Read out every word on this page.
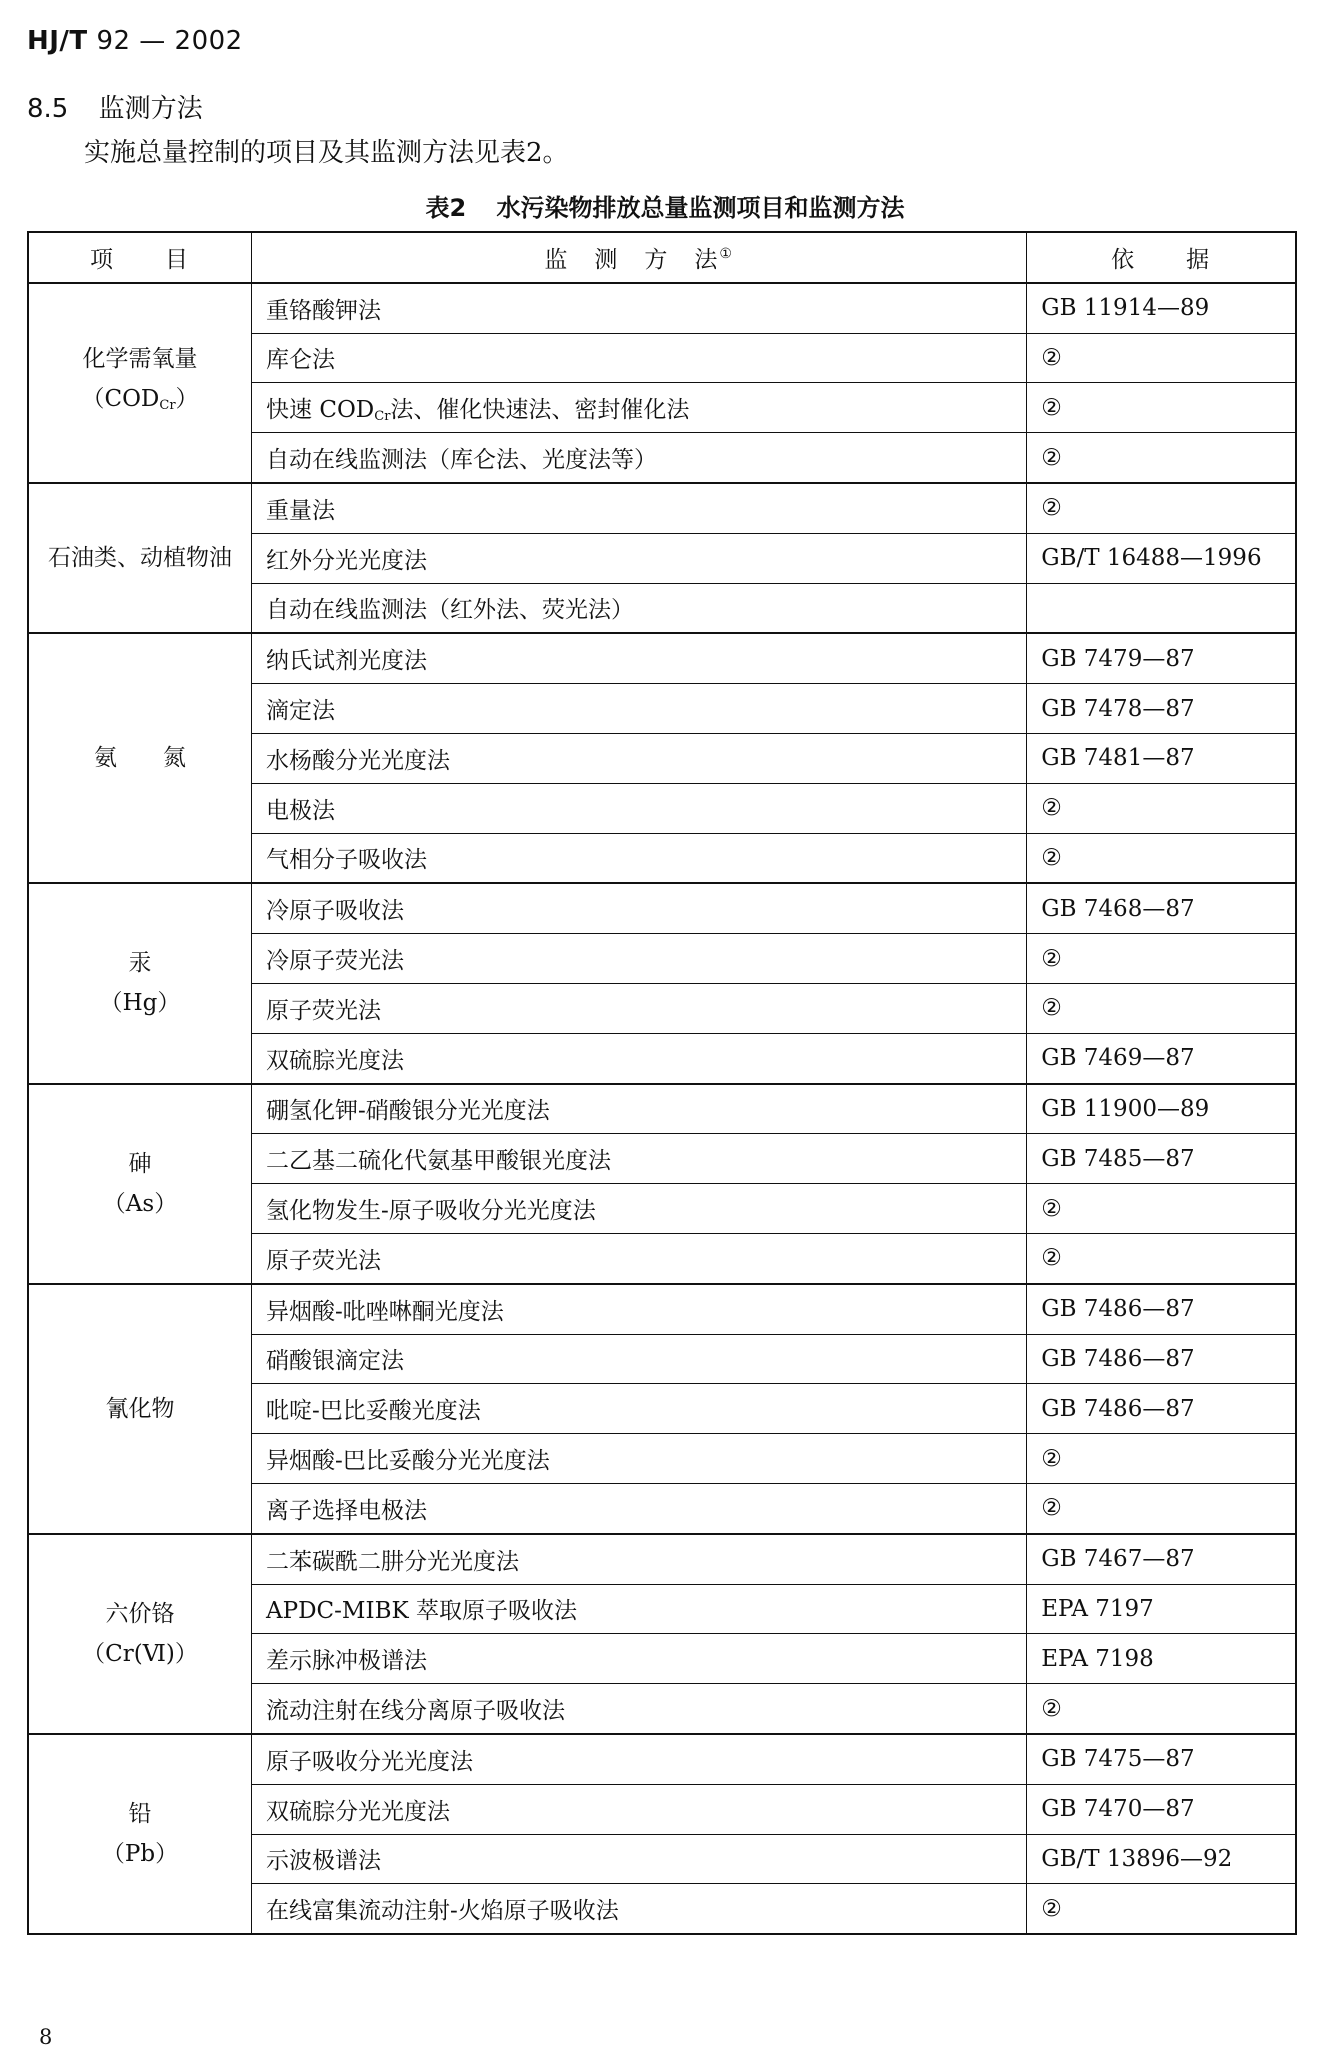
HJ/T 92 — 2002
8.5 监测方法
实施总量控制的项目及其监测方法见表2。
表2 水污染物排放总量监测项目和监测方法
项　　目	监　测　方　法①	依　　据

化学需氧量
$(COD_{Cr})$	重铬酸钾法	GB 11914—89
	库仑法	②
	快速 $COD_{Cr}$法、催化快速法、密封催化法	②
	自动在线监测法（库仑法、光度法等）	②

石油类、动植物油	重量法	②
	红外分光光度法	GB/T 16488—1996
	自动在线监测法（红外法、荧光法）	

氨　　氮	纳氏试剂光度法	GB 7479—87
	滴定法	GB 7478—87
	水杨酸分光光度法	GB 7481—87
	电极法	②
	气相分子吸收法	②

汞
（Hg）	冷原子吸收法	GB 7468—87
	冷原子荧光法	②
	原子荧光法	②
	双硫腙光度法	GB 7469—87

砷
（As）	硼氢化钾-硝酸银分光光度法	GB 11900—89
	二乙基二硫化代氨基甲酸银光度法	GB 7485—87
	氢化物发生-原子吸收分光光度法	②
	原子荧光法	②

氰化物	异烟酸-吡唑啉酮光度法	GB 7486—87
	硝酸银滴定法	GB 7486—87
	吡啶-巴比妥酸光度法	GB 7486—87
	异烟酸-巴比妥酸分光光度法	②
	离子选择电极法	②

六价铬
（Cr(Ⅵ)）	二苯碳酰二肼分光光度法	GB 7467—87
	APDC-MIBK 萃取原子吸收法	EPA 7197
	差示脉冲极谱法	EPA 7198
	流动注射在线分离原子吸收法	②

铅
（Pb）	原子吸收分光光度法	GB 7475—87
	双硫腙分光光度法	GB 7470—87
	示波极谱法	GB/T 13896—92
	在线富集流动注射-火焰原子吸收法	②
8
